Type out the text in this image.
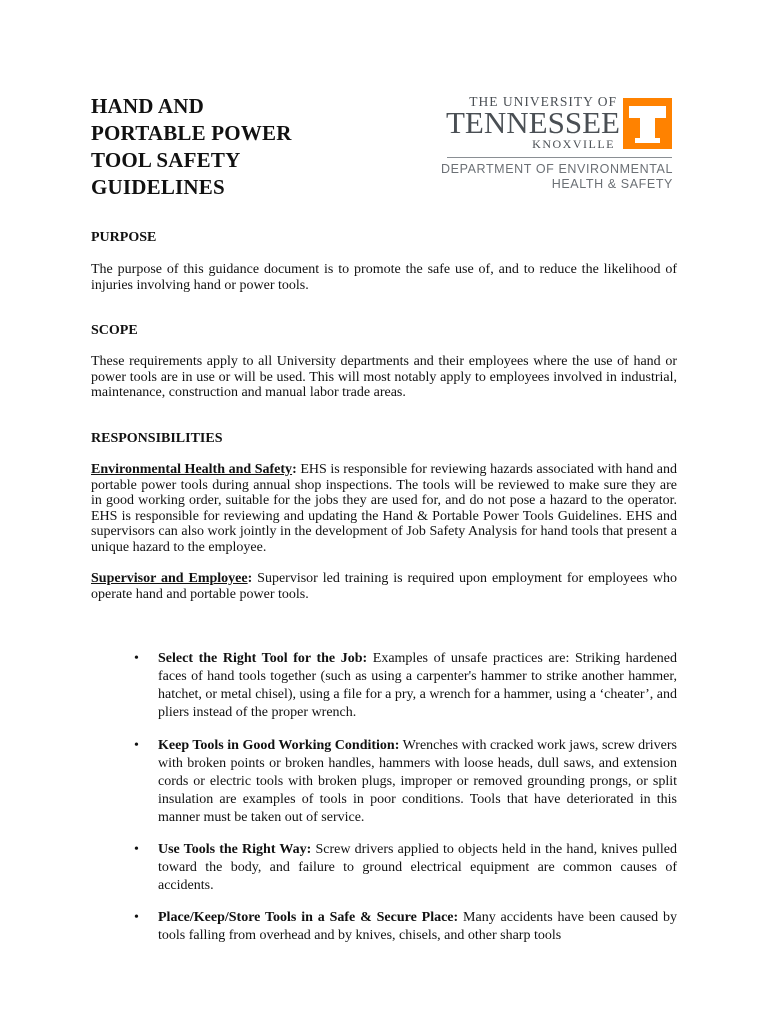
HAND AND
PORTABLE POWER
TOOL SAFETY
GUIDELINES
THE UNIVERSITY OF
TENNESSEE
KNOXVILLE
DEPARTMENT OF ENVIRONMENTAL
HEALTH & SAFETY
PURPOSE

The purpose of this guidance document is to promote the safe use of, and to reduce the likelihood of injuries involving hand or power tools.

SCOPE

These requirements apply to all University departments and their employees where the use of hand or power tools are in use or will be used. This will most notably apply to employees involved in industrial, maintenance, construction and manual labor trade areas.

RESPONSIBILITIES

Environmental Health and Safety: EHS is responsible for reviewing hazards associated with hand and portable power tools during annual shop inspections. The tools will be reviewed to make sure they are in good working order, suitable for the jobs they are used for, and do not pose a hazard to the operator. EHS is responsible for reviewing and updating the Hand & Portable Power Tools Guidelines. EHS and supervisors can also work jointly in the development of Job Safety Analysis for hand tools that present a unique hazard to the employee.

Supervisor and Employee: Supervisor led training is required upon employment for employees who operate hand and portable power tools.

• Select the Right Tool for the Job: Examples of unsafe practices are: Striking hardened faces of hand tools together (such as using a carpenter's hammer to strike another hammer, hatchet, or metal chisel), using a file for a pry, a wrench for a hammer, using a ‘cheater’, and pliers instead of the proper wrench.

• Keep Tools in Good Working Condition: Wrenches with cracked work jaws, screw drivers with broken points or broken handles, hammers with loose heads, dull saws, and extension cords or electric tools with broken plugs, improper or removed grounding prongs, or split insulation are examples of tools in poor conditions. Tools that have deteriorated in this manner must be taken out of service.

• Use Tools the Right Way: Screw drivers applied to objects held in the hand, knives pulled toward the body, and failure to ground electrical equipment are common causes of accidents.

• Place/Keep/Store Tools in a Safe & Secure Place: Many accidents have been caused by tools falling from overhead and by knives, chisels, and other sharp tools
